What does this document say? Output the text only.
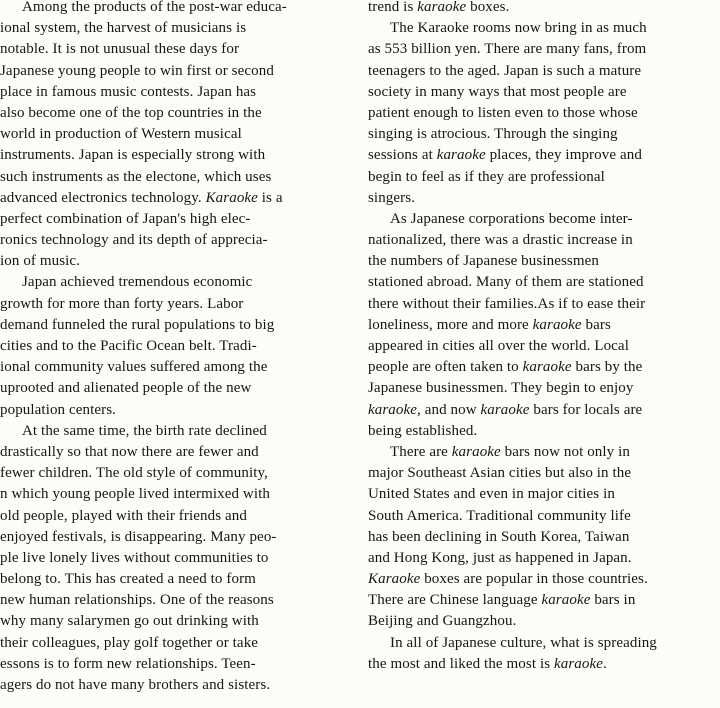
Among the products of the post-war educa-
ional system, the harvest of musicians is
notable. It is not unusual these days for
Japanese young people to win first or second
place in famous music contests. Japan has
also become one of the top countries in the
world in production of Western musical
instruments. Japan is especially strong with
such instruments as the electone, which uses
advanced electronics technology. Karaoke is a
perfect combination of Japan's high elec-
ronics technology and its depth of apprecia-
ion of music.
Japan achieved tremendous economic
growth for more than forty years. Labor
demand funneled the rural populations to big
cities and to the Pacific Ocean belt. Tradi-
ional community values suffered among the
uprooted and alienated people of the new
population centers.
At the same time, the birth rate declined
drastically so that now there are fewer and
fewer children. The old style of community,
n which young people lived intermixed with
old people, played with their friends and
enjoyed festivals, is disappearing. Many peo-
ple live lonely lives without communities to
belong to. This has created a need to form
new human relationships. One of the reasons
why many salarymen go out drinking with
their colleagues, play golf together or take
essons is to form new relationships. Teen-
agers do not have many brothers and sisters.
trend is karaoke boxes.
The Karaoke rooms now bring in as much
as 553 billion yen. There are many fans, from
teenagers to the aged. Japan is such a mature
society in many ways that most people are
patient enough to listen even to those whose
singing is atrocious. Through the singing
sessions at karaoke places, they improve and
begin to feel as if they are professional
singers.
As Japanese corporations become inter-
nationalized, there was a drastic increase in
the numbers of Japanese businessmen
stationed abroad. Many of them are stationed
there without their families.As if to ease their
loneliness, more and more karaoke bars
appeared in cities all over the world. Local
people are often taken to karaoke bars by the
Japanese businessmen. They begin to enjoy
karaoke, and now karaoke bars for locals are
being established.
There are karaoke bars now not only in
major Southeast Asian cities but also in the
United States and even in major cities in
South America. Traditional community life
has been declining in South Korea, Taiwan
and Hong Kong, just as happened in Japan.
Karaoke boxes are popular in those countries.
There are Chinese language karaoke bars in
Beijing and Guangzhou.
In all of Japanese culture, what is spreading
the most and liked the most is karaoke.
